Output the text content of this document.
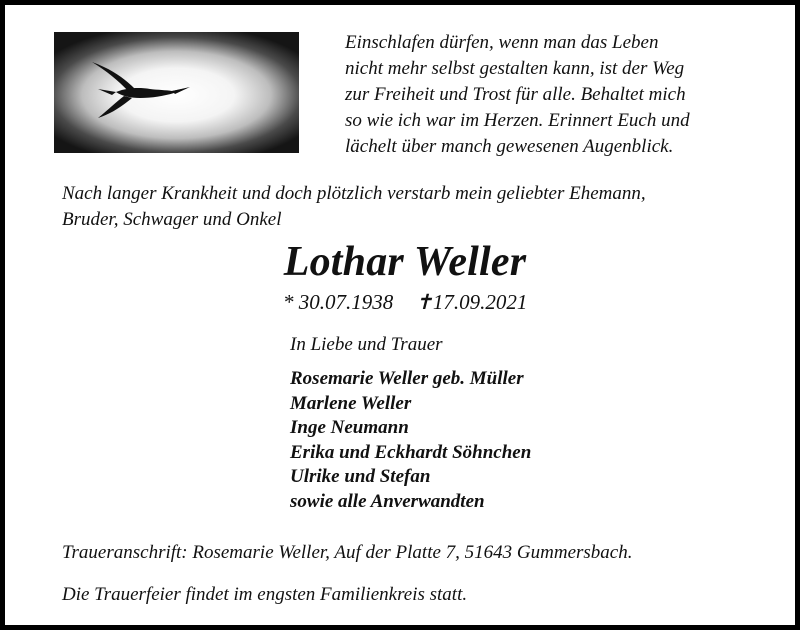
Einschlafen dürfen, wenn man das Leben
nicht mehr selbst gestalten kann, ist der Weg
zur Freiheit und Trost für alle. Behaltet mich
so wie ich war im Herzen. Erinnert Euch und
lächelt über manch gewesenen Augenblick.
Nach langer Krankheit und doch plötzlich verstarb mein geliebter Ehemann,
Bruder, Schwager und Onkel
Lothar Weller
* 30.07.1938 ✝17.09.2021
In Liebe und Trauer
Rosemarie Weller geb. Müller
Marlene Weller
Inge Neumann
Erika und Eckhardt Söhnchen
Ulrike und Stefan
sowie alle Anverwandten
Traueranschrift: Rosemarie Weller, Auf der Platte 7, 51643 Gummersbach.
Die Trauerfeier findet im engsten Familienkreis statt.
